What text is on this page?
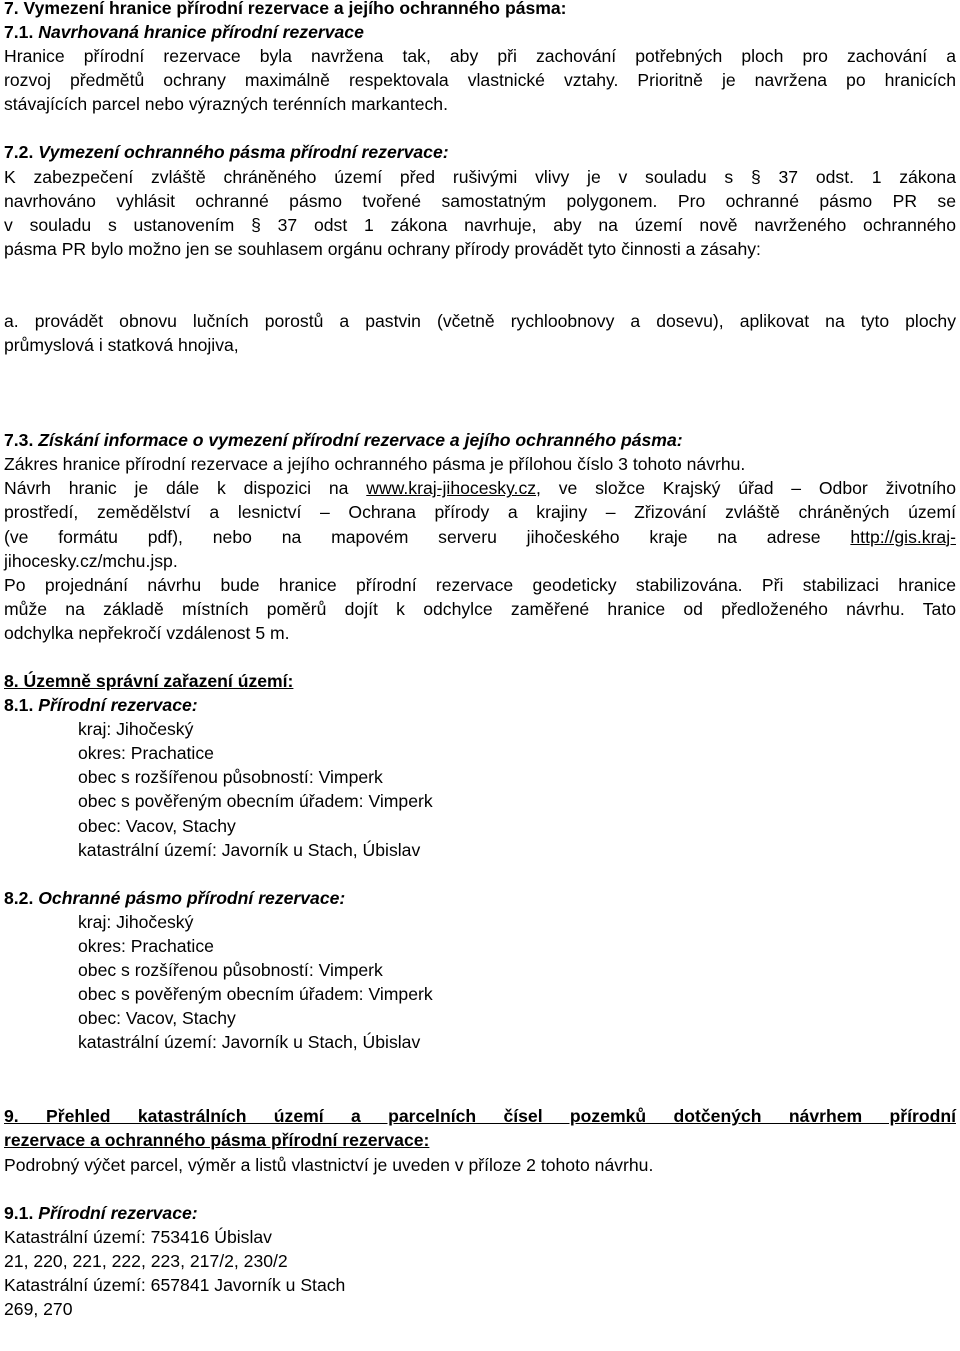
7. Vymezení hranice přírodní rezervace a jejího ochranného pásma:
7.1. Navrhovaná hranice přírodní rezervace
Hranice přírodní rezervace byla navržena tak, aby při zachování potřebných ploch pro zachování a
rozvoj předmětů ochrany maximálně respektovala vlastnické vztahy. Prioritně je navržena po hranicích
stávajících parcel nebo výrazných terénních markantech.
7.2. Vymezení ochranného pásma přírodní rezervace:
K zabezpečení zvláště chráněného území před rušivými vlivy je v souladu s § 37 odst. 1 zákona
navrhováno vyhlásit ochranné pásmo tvořené samostatným polygonem. Pro ochranné pásmo PR se
v souladu s ustanovením § 37 odst 1 zákona navrhuje, aby na území nově navrženého ochranného
pásma PR bylo možno jen se souhlasem orgánu ochrany přírody provádět tyto činnosti a zásahy:
a. provádět obnovu lučních porostů a pastvin (včetně rychloobnovy a dosevu), aplikovat na tyto plochy
průmyslová i statková hnojiva,
7.3. Získání informace o vymezení přírodní rezervace a jejího ochranného pásma:
Zákres hranice přírodní rezervace a jejího ochranného pásma je přílohou číslo 3 tohoto návrhu.
Návrh hranic je dále k dispozici na www.kraj-jihocesky.cz, ve složce Krajský úřad – Odbor životního
prostředí, zemědělství a lesnictví – Ochrana přírody a krajiny – Zřizování zvláště chráněných území
(ve formátu pdf), nebo na mapovém serveru jihočeského kraje na adrese http://gis.kraj-
jihocesky.cz/mchu.jsp.
Po projednání návrhu bude hranice přírodní rezervace geodeticky stabilizována. Při stabilizaci hranice
může na základě místních poměrů dojít k odchylce zaměřené hranice od předloženého návrhu. Tato
odchylka nepřekročí vzdálenost 5 m.
8. Územně správní zařazení území:
8.1. Přírodní rezervace:
kraj: Jihočeský
okres: Prachatice
obec s rozšířenou působností: Vimperk
obec s pověřeným obecním úřadem: Vimperk
obec: Vacov, Stachy
katastrální území: Javorník u Stach, Úbislav
8.2. Ochranné pásmo přírodní rezervace:
kraj: Jihočeský
okres: Prachatice
obec s rozšířenou působností: Vimperk
obec s pověřeným obecním úřadem: Vimperk
obec: Vacov, Stachy
katastrální území: Javorník u Stach, Úbislav
9. Přehled katastrálních území a parcelních čísel pozemků dotčených návrhem přírodní
rezervace a ochranného pásma přírodní rezervace:
Podrobný výčet parcel, výměr a listů vlastnictví je uveden v příloze 2 tohoto návrhu.
9.1. Přírodní rezervace:
Katastrální území: 753416 Úbislav
21, 220, 221, 222, 223, 217/2, 230/2
Katastrální území: 657841 Javorník u Stach
269, 270
